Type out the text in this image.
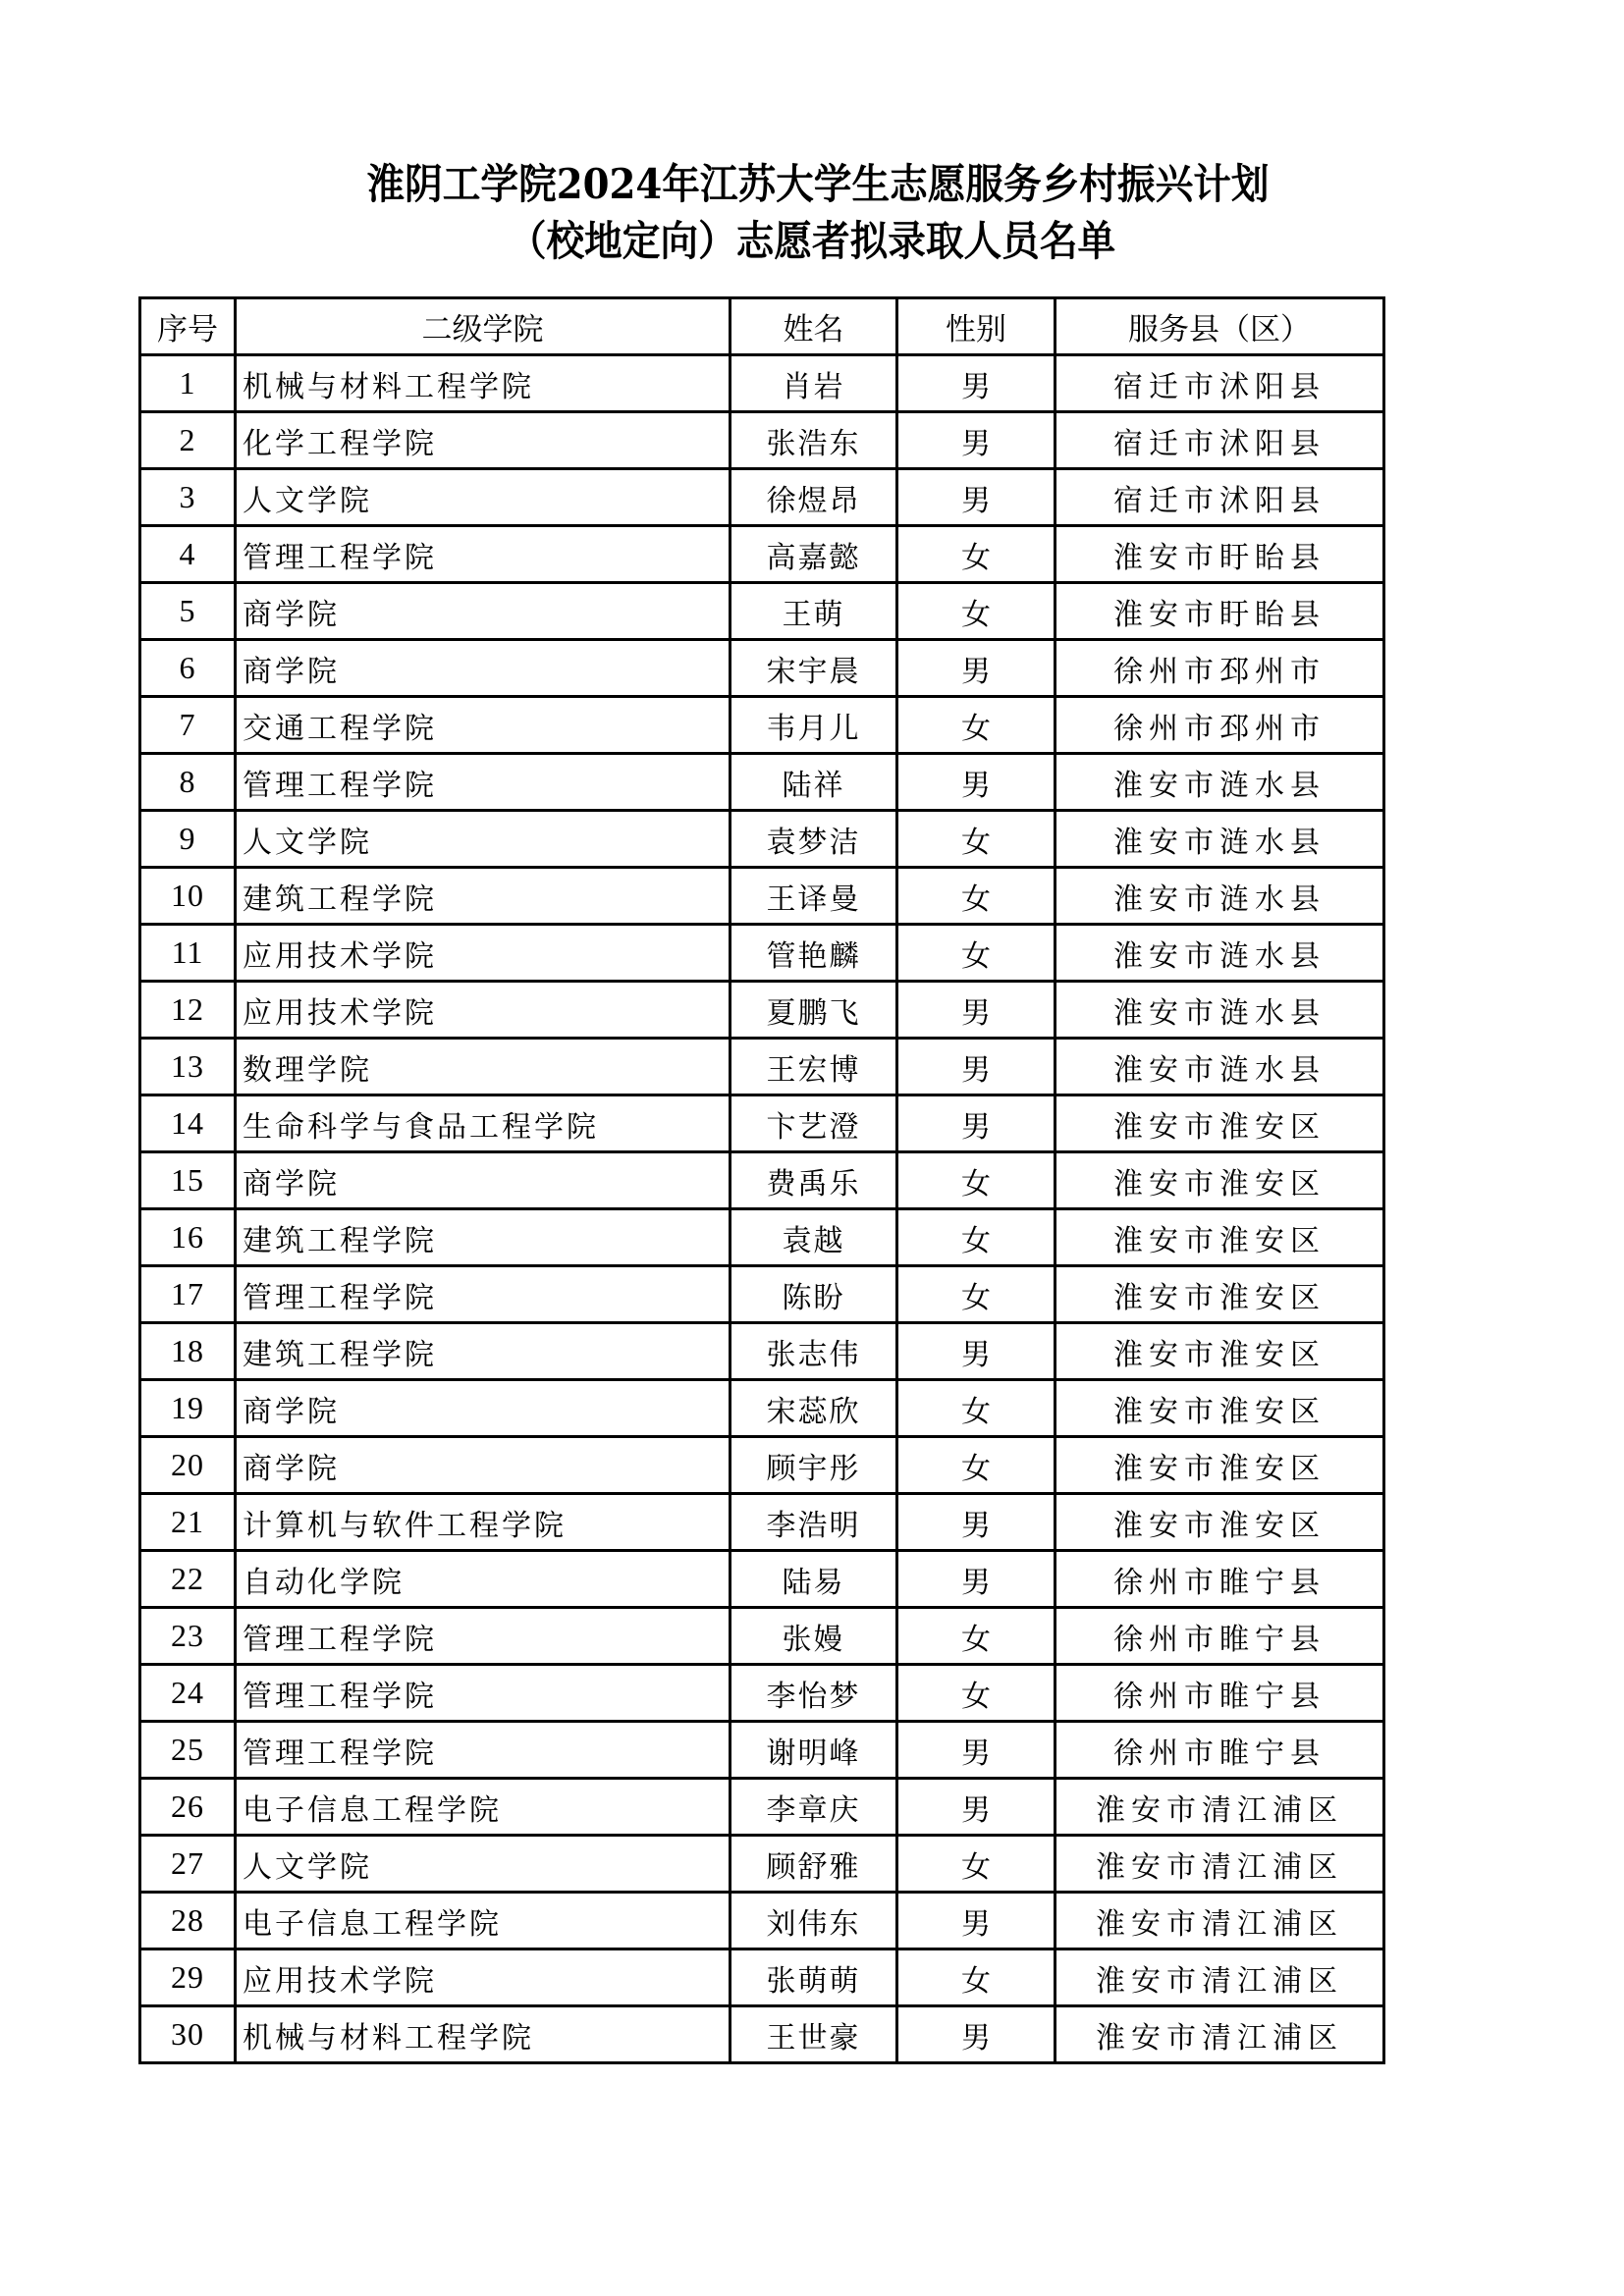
淮阴工学院2024年江苏大学生志愿服务乡村振兴计划
（校地定向）志愿者拟录取人员名单
序号	二级学院	姓名	性别	服务县（区）
1	机械与材料工程学院	肖岩	男	宿迁市沭阳县
2	化学工程学院	张浩东	男	宿迁市沭阳县
3	人文学院	徐煜昂	男	宿迁市沭阳县
4	管理工程学院	高嘉懿	女	淮安市盱眙县
5	商学院	王萌	女	淮安市盱眙县
6	商学院	宋宇晨	男	徐州市邳州市
7	交通工程学院	韦月儿	女	徐州市邳州市
8	管理工程学院	陆祥	男	淮安市涟水县
9	人文学院	袁梦洁	女	淮安市涟水县
10	建筑工程学院	王译曼	女	淮安市涟水县
11	应用技术学院	管艳麟	女	淮安市涟水县
12	应用技术学院	夏鹏飞	男	淮安市涟水县
13	数理学院	王宏博	男	淮安市涟水县
14	生命科学与食品工程学院	卞艺澄	男	淮安市淮安区
15	商学院	费禹乐	女	淮安市淮安区
16	建筑工程学院	袁越	女	淮安市淮安区
17	管理工程学院	陈盼	女	淮安市淮安区
18	建筑工程学院	张志伟	男	淮安市淮安区
19	商学院	宋蕊欣	女	淮安市淮安区
20	商学院	顾宇彤	女	淮安市淮安区
21	计算机与软件工程学院	李浩明	男	淮安市淮安区
22	自动化学院	陆易	男	徐州市睢宁县
23	管理工程学院	张嫚	女	徐州市睢宁县
24	管理工程学院	李怡梦	女	徐州市睢宁县
25	管理工程学院	谢明峰	男	徐州市睢宁县
26	电子信息工程学院	李章庆	男	淮安市清江浦区
27	人文学院	顾舒雅	女	淮安市清江浦区
28	电子信息工程学院	刘伟东	男	淮安市清江浦区
29	应用技术学院	张萌萌	女	淮安市清江浦区
30	机械与材料工程学院	王世豪	男	淮安市清江浦区
